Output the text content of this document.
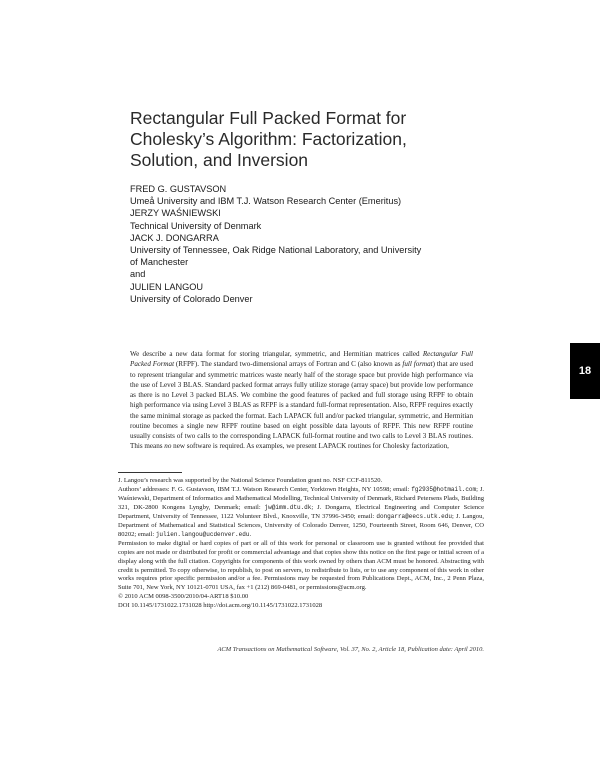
Rectangular Full Packed Format for
Cholesky’s Algorithm: Factorization,
Solution, and Inversion
FRED G. GUSTAVSON
Umeå University and IBM T.J. Watson Research Center (Emeritus)
JERZY WAŚNIEWSKI
Technical University of Denmark
JACK J. DONGARRA
University of Tennessee, Oak Ridge National Laboratory, and University of Manchester
and
JULIEN LANGOU
University of Colorado Denver
We describe a new data format for storing triangular, symmetric, and Hermitian matrices called Rectangular Full Packed Format (RFPF). The standard two-dimensional arrays of Fortran and C (also known as full format) that are used to represent triangular and symmetric matrices waste nearly half of the storage space but provide high performance via the use of Level 3 BLAS. Standard packed format arrays fully utilize storage (array space) but provide low performance as there is no Level 3 packed BLAS. We combine the good features of packed and full storage using RFPF to obtain high performance via using Level 3 BLAS as RFPF is a standard full-format representation. Also, RFPF requires exactly the same minimal storage as packed the format. Each LAPACK full and/or packed triangular, symmetric, and Hermitian routine becomes a single new RFPF routine based on eight possible data layouts of RFPF. This new RFPF routine usually consists of two calls to the corresponding LAPACK full-format routine and two calls to Level 3 BLAS routines. This means no new software is required. As examples, we present LAPACK routines for Cholesky factorization,
18

J. Langou’s research was supported by the National Science Foundation grant no. NSF CCF-811520.

Authors’ addresses: F. G. Gustavson, IBM T.J. Watson Research Center, Yorktown Heights, NY 10598; email: fg2935@hotmail.com; J. Waśniewski, Department of Informatics and Mathematical Modelling, Technical University of Denmark, Richard Petersens Plads, Building 321, DK-2800 Kongens Lyngby, Denmark; email: jw@imm.dtu.dk; J. Dongarra, Electrical Engineering and Computer Science Department, University of Tennessee, 1122 Volunteer Blvd., Knoxville, TN 37996-3450; email: dongarra@eecs.utk.edu; J. Langou, Department of Mathematical and Statistical Sciences, University of Colorado Denver, 1250, Fourteenth Street, Room 646, Denver, CO 80202; email: julien.langou@ucdenver.edu.

Permission to make digital or hard copies of part or all of this work for personal or classroom use is granted without fee provided that copies are not made or distributed for profit or commercial advantage and that copies show this notice on the first page or initial screen of a display along with the full citation. Copyrights for components of this work owned by others than ACM must be honored. Abstracting with credit is permitted. To copy otherwise, to republish, to post on servers, to redistribute to lists, or to use any component of this work in other works requires prior specific permission and/or a fee. Permissions may be requested from Publications Dept., ACM, Inc., 2 Penn Plaza, Suite 701, New York, NY 10121-0701 USA, fax +1 (212) 869-0481, or permissions@acm.org.

© 2010 ACM 0098-3500/2010/04-ART18 $10.00

DOI 10.1145/1731022.1731028 http://doi.acm.org/10.1145/1731022.1731028

ACM Transactions on Mathematical Software, Vol. 37, No. 2, Article 18, Publication date: April 2010.
